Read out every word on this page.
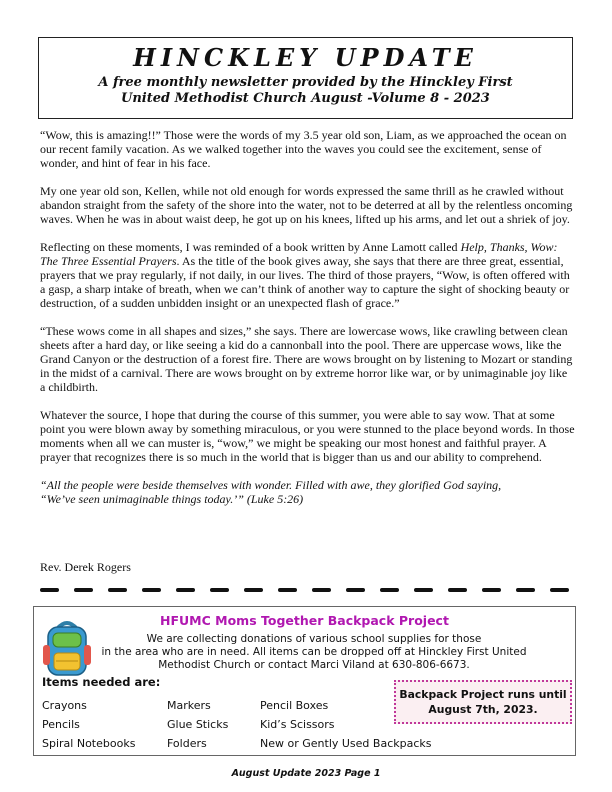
HINCKLEY UPDATE
A free monthly newsletter provided by the Hinckley First
United Methodist Church August -Volume 8 - 2023

“Wow, this is amazing!!” Those were the words of my 3.5 year old son, Liam, as we approached the ocean on our recent family vacation. As we walked together into the waves you could see the excitement, sense of wonder, and hint of fear in his face.

My one year old son, Kellen, while not old enough for words expressed the same thrill as he crawled without abandon straight from the safety of the shore into the water, not to be deterred at all by the relentless oncoming waves. When he was in about waist deep, he got up on his knees, lifted up his arms, and let out a shriek of joy.

Reflecting on these moments, I was reminded of a book written by Anne Lamott called Help, Thanks, Wow: The Three Essential Prayers. As the title of the book gives away, she says that there are three great, essential, prayers that we pray regularly, if not daily, in our lives. The third of those prayers, “Wow, is often offered with a gasp, a sharp intake of breath, when we can’t think of another way to capture the sight of shocking beauty or destruction, of a sudden unbidden insight or an unexpected flash of grace.”

“These wows come in all shapes and sizes,” she says. There are lowercase wows, like crawling between clean sheets after a hard day, or like seeing a kid do a cannonball into the pool. There are uppercase wows, like the Grand Canyon or the destruction of a forest fire. There are wows brought on by listening to Mozart or standing in the midst of a carnival. There are wows brought on by extreme horror like war, or by unimaginable joy like a childbirth.

Whatever the source, I hope that during the course of this summer, you were able to say wow. That at some point you were blown away by something miraculous, or you were stunned to the place beyond words. In those moments when all we can muster is, “wow,” we might be speaking our most honest and faithful prayer. A prayer that recognizes there is so much in the world that is bigger than us and our ability to comprehend.

“All the people were beside themselves with wonder. Filled with awe, they glorified God saying,
“We’ve seen unimaginable things today.’” (Luke 5:26)
Rev. Derek Rogers
HFUMC Moms Together Backpack Project
We are collecting donations of various school supplies for those
in the area who are in need. All items can be dropped off at Hinckley First United
Methodist Church or contact Marci Viland at 630-806-6673.
Items needed are:
Crayons	Markers	Pencil Boxes
Pencils	Glue Sticks	Kid’s Scissors
Spiral Notebooks	Folders	New or Gently Used Backpacks
Backpack Project runs until
August 7th, 2023.
August Update 2023 Page 1
